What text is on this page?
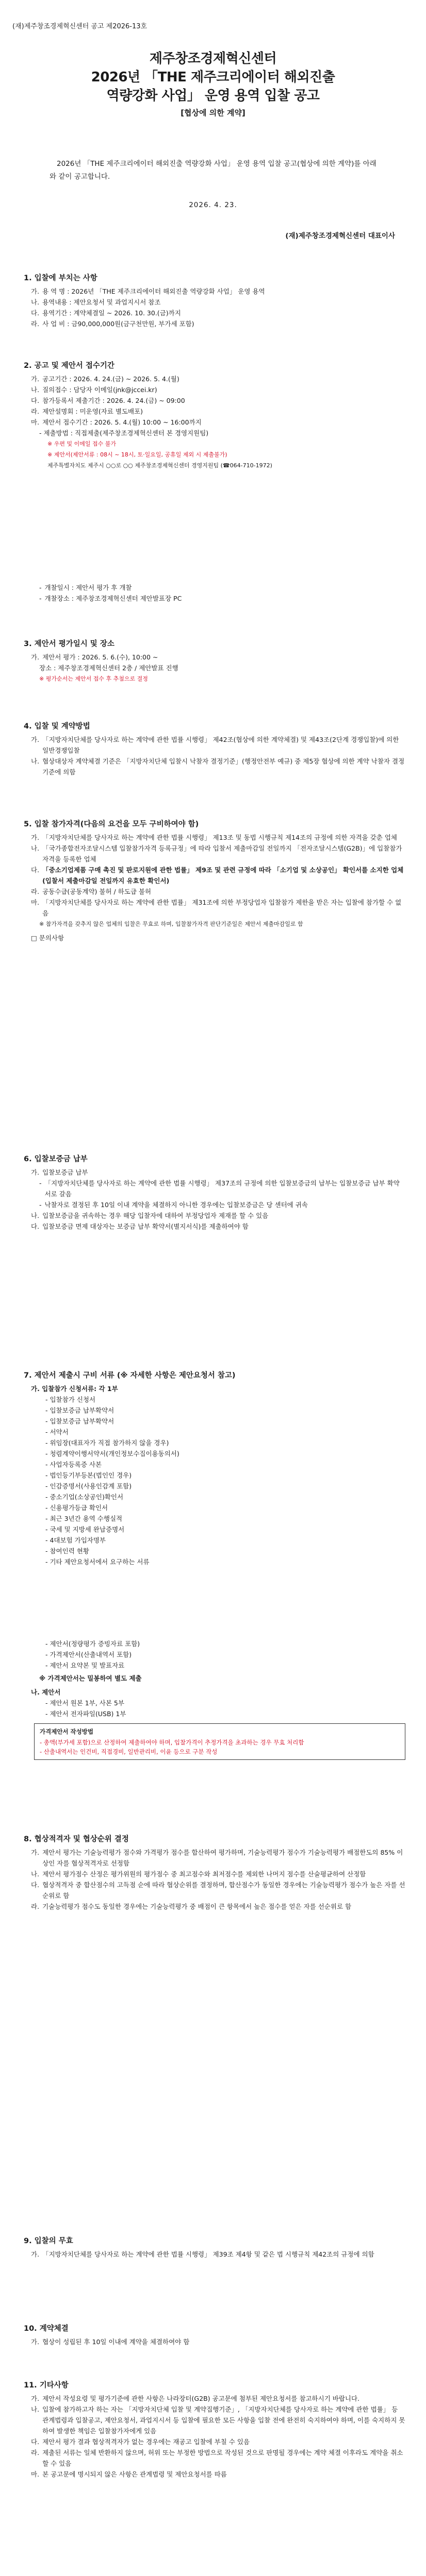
(재)제주창조경제혁신센터 공고 제2026-13호
제주창조경제혁신센터
2026년 「THE 제주크리에이터 해외진출
역량강화 사업」 운영 용역 입찰 공고
[협상에 의한 계약]
2026년 「THE 제주크리에이터 해외진출 역량강화 사업」 운영 용역 입찰 공고(협상에 의한 계약)를 아래와 같이 공고합니다.
2026. 4. 23.
(재)제주창조경제혁신센터 대표이사
1. 입찰에 부치는 사항
가. 용 역 명 : 2026년 「THE 제주크리에이터 해외진출 역량강화 사업」 운영 용역
나. 용역내용 : 제안요청서 및 과업지시서 참조
다. 용역기간 : 계약체결일 ~ 2026. 10. 30.(금)까지
라. 사 업 비 : 금90,000,000원(금구천만원, 부가세 포함)
2. 공고 및 제안서 접수기간
가. 공고기간 : 2026. 4. 24.(금) ~ 2026. 5. 4.(월)
나. 질의접수 : 담당자 이메일(jnk@jccei.kr)
다. 참가등록서 제출기간 : 2026. 4. 24.(금) ~ 09:00
라. 제안설명회 : 미운영(자료 별도배포)
마. 제안서 접수기간 : 2026. 5. 4.(월) 10:00 ~ 16:00까지
- 제출방법 : 직접제출(제주창조경제혁신센터 본 경영지원팀)
※ 우편 및 이메일 접수 불가
※ 제안서(제안서류 : 08시 ~ 18시, 토·일요일, 공휴일 제외 시 제출불가)
제주특별자치도 제주시 ○○로 ○○ 제주창조경제혁신센터 경영지원팀 (☎064-710-1972)
- 개찰일시 : 제안서 평가 후 개찰
- 개찰장소 : 제주창조경제혁신센터 제안발표장 PC
3. 제안서 평가일시 및 장소
가. 제안서 평가 : 2026. 5. 6.(수), 10:00 ~
장소 : 제주창조경제혁신센터 2층 / 제안발표 진행
※ 평가순서는 제안서 접수 후 추첨으로 결정
4. 입찰 및 계약방법
가. 「지방자치단체를 당사자로 하는 계약에 관한 법률 시행령」 제42조(협상에 의한 계약체결) 및 제43조(2단계 경쟁입찰)에 의한 일반경쟁입찰
나. 협상대상자 계약체결 기준은 「지방자치단체 입찰시 낙찰자 결정기준」(행정안전부 예규) 중 제5장 협상에 의한 계약 낙찰자 결정기준에 의함
5. 입찰 참가자격(다음의 요건을 모두 구비하여야 함)
가. 「지방자치단체를 당사자로 하는 계약에 관한 법률 시행령」 제13조 및 동법 시행규칙 제14조의 규정에 의한 자격을 갖춘 업체
나. 「국가종합전자조달시스템 입찰참가자격 등록규정」에 따라 입찰서 제출마감일 전일까지 「전자조달시스템(G2B)」에 입찰참가자격을 등록한 업체
다. 「중소기업제품 구매 촉진 및 판로지원에 관한 법률」 제9조 및 관련 규정에 따라 「소기업 및 소상공인」 확인서를 소지한 업체(입찰서 제출마감일 전일까지 유효한 확인서)
라. 공동수급(공동계약) 불허 / 하도급 불허
마. 「지방자치단체를 당사자로 하는 계약에 관한 법률」 제31조에 의한 부정당업자 입찰참가 제한을 받은 자는 입찰에 참가할 수 없음
※ 참가자격을 갖추지 않은 업체의 입찰은 무효로 하며, 입찰참가자격 판단기준일은 제안서 제출마감일로 함
□ 문의사항
6. 입찰보증금 납부
가. 입찰보증금 납부
- 「지방자치단체를 당사자로 하는 계약에 관한 법률 시행령」 제37조의 규정에 의한 입찰보증금의 납부는 입찰보증금 납부 확약서로 갈음
- 낙찰자로 결정된 후 10일 이내 계약을 체결하지 아니한 경우에는 입찰보증금은 당 센터에 귀속
나. 입찰보증금을 귀속하는 경우 해당 입찰자에 대하여 부정당업자 제재를 할 수 있음
다. 입찰보증금 면제 대상자는 보증금 납부 확약서(별지서식)를 제출하여야 함
7. 제안서 제출시 구비 서류 (※ 자세한 사항은 제안요청서 참고)
가. 입찰참가 신청서류: 각 1부
- 입찰참가 신청서
- 입찰보증금 납부확약서
- 입찰보증금 납부확약서
- 서약서
- 위임장(대표자가 직접 참가하지 않을 경우)
- 청렴계약이행서약서(개인정보수집이용동의서)
- 사업자등록증 사본
- 법인등기부등본(법인인 경우)
- 인감증명서(사용인감계 포함)
- 중소기업(소상공인)확인서
- 신용평가등급 확인서
- 최근 3년간 용역 수행실적
- 국세 및 지방세 완납증명서
- 4대보험 가입자명부
- 참여인력 현황
- 기타 제안요청서에서 요구하는 서류
- 제안서(정량평가 증빙자료 포함)
- 가격제안서(산출내역서 포함)
- 제안서 요약본 및 발표자료
※ 가격제안서는 밀봉하여 별도 제출
나. 제안서
- 제안서 원본 1부, 사본 5부
- 제안서 전자파일(USB) 1부
가격제안서 작성방법
- 총액(부가세 포함)으로 산정하여 제출하여야 하며, 입찰가격이 추정가격을 초과하는 경우 무효 처리함
- 산출내역서는 인건비, 직접경비, 일반관리비, 이윤 등으로 구분 작성
8. 협상적격자 및 협상순위 결정
가. 제안서 평가는 기술능력평가 점수와 가격평가 점수를 합산하여 평가하며, 기술능력평가 점수가 기술능력평가 배점한도의 85% 이상인 자를 협상적격자로 선정함
나. 제안서 평가점수 산정은 평가위원의 평가점수 중 최고점수와 최저점수를 제외한 나머지 점수를 산술평균하여 산정함
다. 협상적격자 중 합산점수의 고득점 순에 따라 협상순위를 결정하며, 합산점수가 동일한 경우에는 기술능력평가 점수가 높은 자를 선순위로 함
라. 기술능력평가 점수도 동일한 경우에는 기술능력평가 중 배점이 큰 항목에서 높은 점수를 얻은 자를 선순위로 함
9. 입찰의 무효
가. 「지방자치단체를 당사자로 하는 계약에 관한 법률 시행령」 제39조 제4항 및 같은 법 시행규칙 제42조의 규정에 의함
10. 계약체결
가. 협상이 성립된 후 10일 이내에 계약을 체결하여야 함
11. 기타사항
가. 제안서 작성요령 및 평가기준에 관한 사항은 나라장터(G2B) 공고문에 첨부된 제안요청서를 참고하시기 바랍니다.
나. 입찰에 참가하고자 하는 자는 「지방자치단체 입찰 및 계약집행기준」, 「지방자치단체를 당사자로 하는 계약에 관한 법률」 등 관계법령과 입찰공고, 제안요청서, 과업지시서 등 입찰에 필요한 모든 사항을 입찰 전에 완전히 숙지하여야 하며, 이를 숙지하지 못하여 발생한 책임은 입찰참가자에게 있음
다. 제안서 평가 결과 협상적격자가 없는 경우에는 재공고 입찰에 부칠 수 있음
라. 제출된 서류는 일체 반환하지 않으며, 허위 또는 부정한 방법으로 작성된 것으로 판명될 경우에는 계약 체결 이후라도 계약을 취소할 수 있음
마. 본 공고문에 명시되지 않은 사항은 관계법령 및 제안요청서를 따름
